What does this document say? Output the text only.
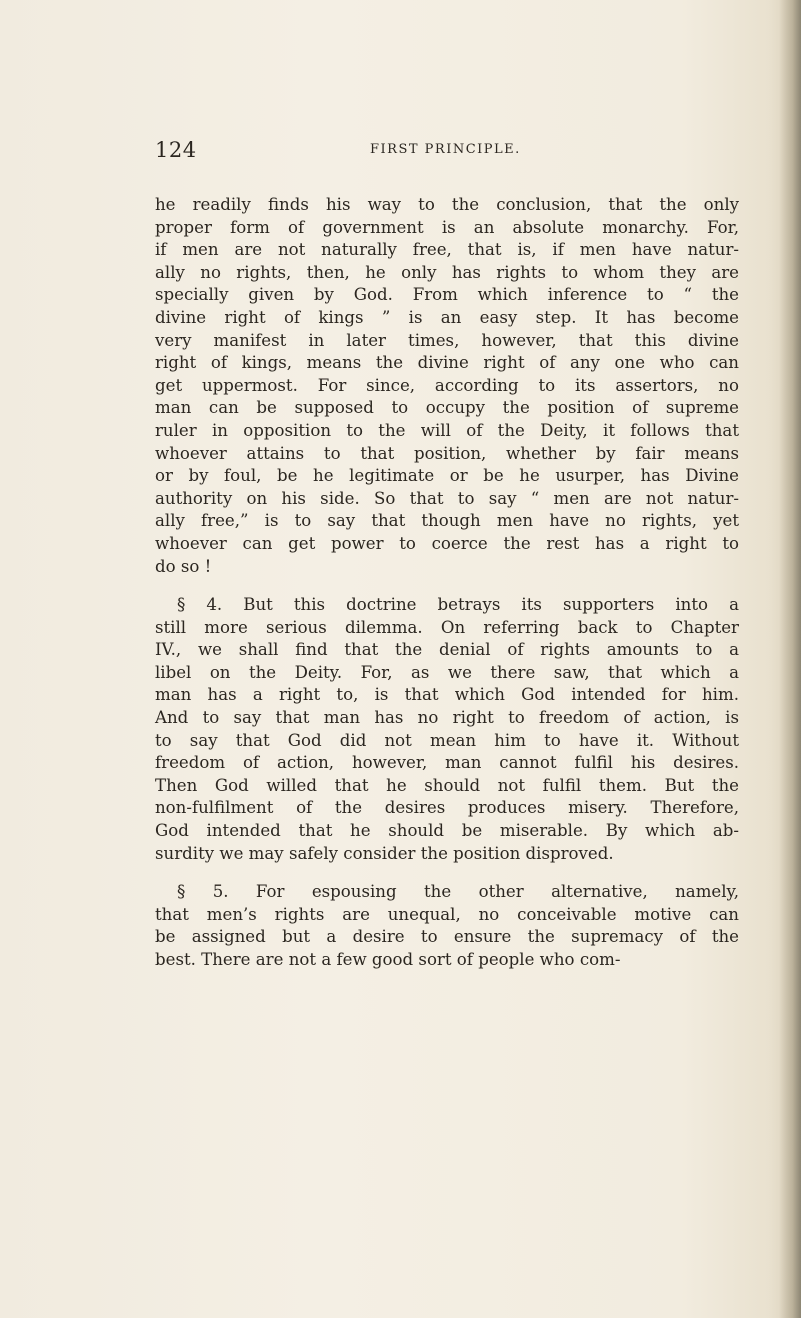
124	FIRST PRINCIPLE.

he readily finds his way to the conclusion, that the only
proper form of government is an absolute monarchy. For,
if men are not naturally free, that is, if men have natur-
ally no rights, then, he only has rights to whom they are
specially given by God. From which inference to “ the
divine right of kings ” is an easy step. It has become
very manifest in later times, however, that this divine
right of kings, means the divine right of any one who can
get uppermost. For since, according to its assertors, no
man can be supposed to occupy the position of supreme
ruler in opposition to the will of the Deity, it follows that
whoever attains to that position, whether by fair means
or by foul, be he legitimate or be he usurper, has Divine
authority on his side. So that to say “ men are not natur-
ally free,” is to say that though men have no rights, yet
whoever can get power to coerce the rest has a right to
do so !

§ 4. But this doctrine betrays its supporters into a
still more serious dilemma. On referring back to Chapter
IV., we shall find that the denial of rights amounts to a
libel on the Deity. For, as we there saw, that which a
man has a right to, is that which God intended for him.
And to say that man has no right to freedom of action, is
to say that God did not mean him to have it. Without
freedom of action, however, man cannot fulfil his desires.
Then God willed that he should not fulfil them. But the
non-fulfilment of the desires produces misery. Therefore,
God intended that he should be miserable. By which ab-
surdity we may safely consider the position disproved.

§ 5. For espousing the other alternative, namely,
that men’s rights are unequal, no conceivable motive can
be assigned but a desire to ensure the supremacy of the
best. There are not a few good sort of people who com-
